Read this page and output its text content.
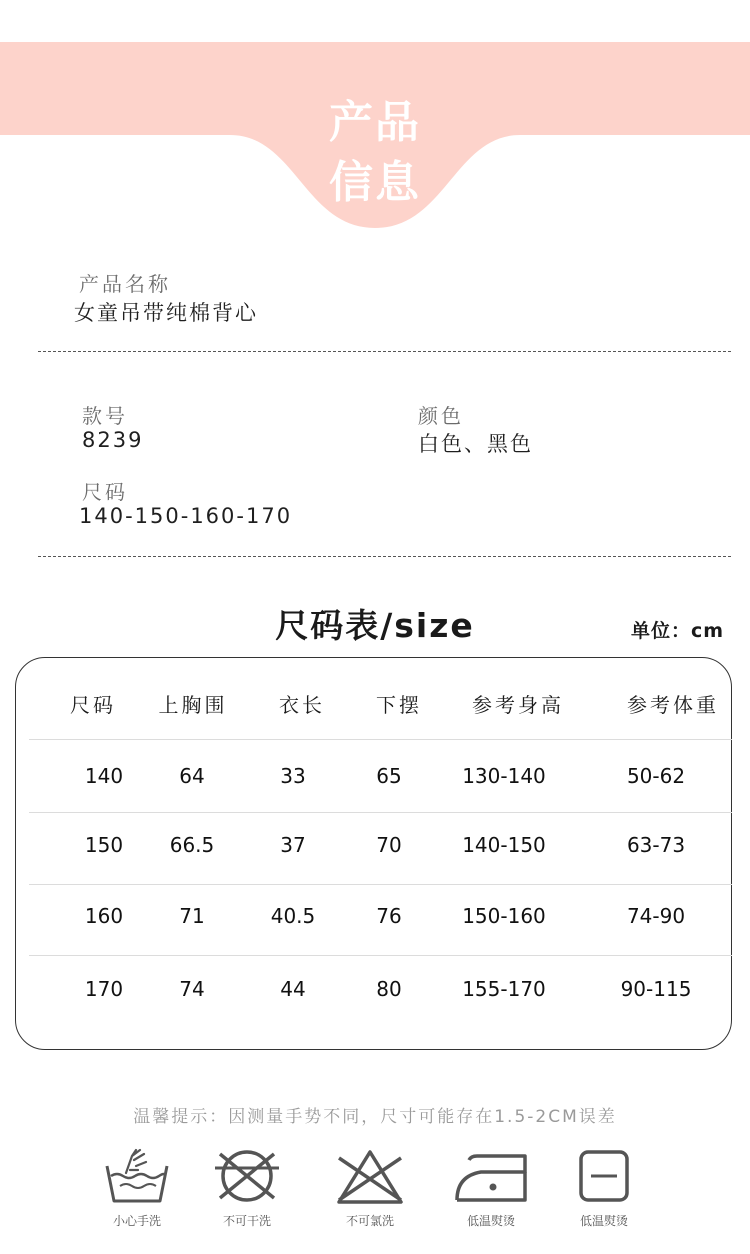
产品
信息
产品名称
女童吊带纯棉背心
款号
8239
颜色
白色、黑色
尺码
140-150-160-170
尺码表/size	单位：cm
尺码 上胸围	衣长	下摆	参考身高	参考体重
140	64	33	65	130-140	50-62
150 66.5	37	70	140-150	63-73
160	71	40.5	76	150-160	74-90
170	74	44	80	155-170	90-115
温馨提示：因测量手势不同，尺寸可能存在1.5-2CM误差
小心手洗	不可干洗	不可氯洗	低温熨烫	低温熨烫
